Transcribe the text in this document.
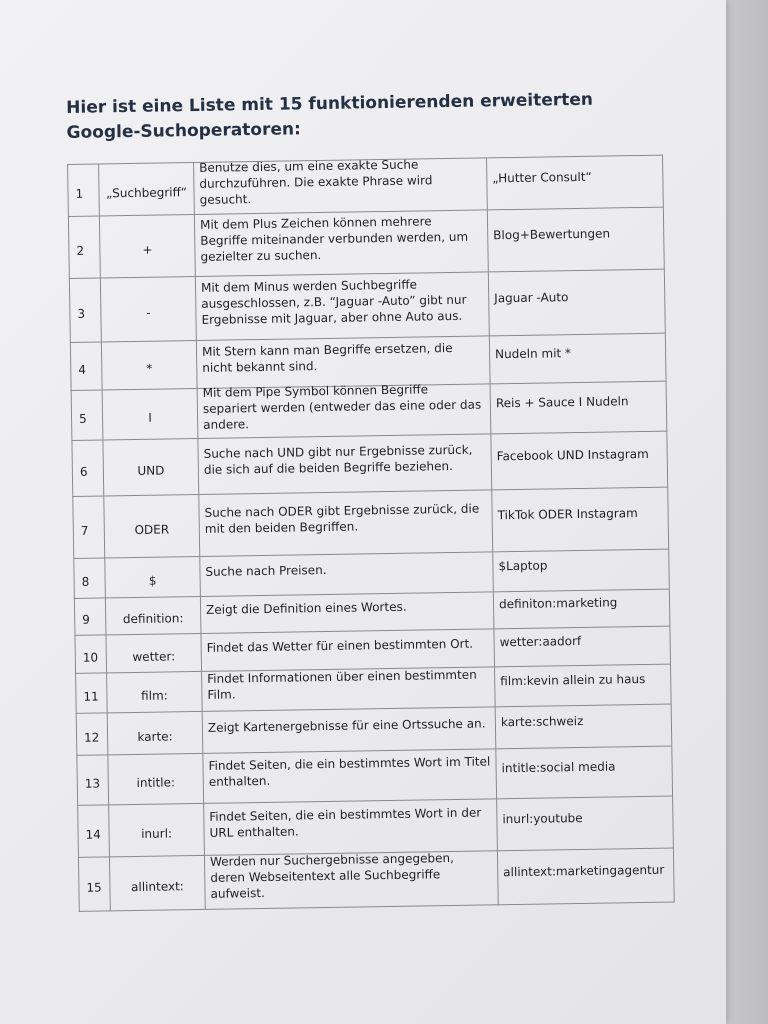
Hier ist eine Liste mit 15 funktionierenden erweiterten Google-Suchoperatoren:
1	„Suchbegriff“	Benutze dies, um eine exakte Suche durchzuführen. Die exakte Phrase wird gesucht.	„Hutter Consult“

2	+	Mit dem Plus Zeichen können mehrere Begriffe miteinander verbunden werden, um gezielter zu suchen.	Blog+Bewertungen

3	-	Mit dem Minus werden Suchbegriffe ausgeschlossen, z.B. “Jaguar -Auto” gibt nur Ergebnisse mit Jaguar, aber ohne Auto aus.	Jaguar -Auto

4	*	Mit Stern kann man Begriffe ersetzen, die nicht bekannt sind.	Nudeln mit *

5	I	Mit dem Pipe Symbol können Begriffe separiert werden (entweder das eine oder das andere.	Reis + Sauce I Nudeln

6	UND	Suche nach UND gibt nur Ergebnisse zurück, die sich auf die beiden Begriffe beziehen.	Facebook UND Instagram

7	ODER	Suche nach ODER gibt Ergebnisse zurück, die mit den beiden Begriffen.	TikTok ODER Instagram

8	$	Suche nach Preisen.	$Laptop

9	definition:	Zeigt die Definition eines Wortes.	definiton:marketing

10	wetter:	Findet das Wetter für einen bestimmten Ort.	wetter:aadorf

11	film:	Findet Informationen über einen bestimmten Film.	film:kevin allein zu haus

12	karte:	Zeigt Kartenergebnisse für eine Ortssuche an.	karte:schweiz

13	intitle:	Findet Seiten, die ein bestimmtes Wort im Titel enthalten.	intitle:social media

14	inurl:	Findet Seiten, die ein bestimmtes Wort in der URL enthalten.	inurl:youtube

15	allintext:	Werden nur Suchergebnisse angegeben, deren Webseitentext alle Suchbegriffe aufweist.	allintext:marketingagentur
